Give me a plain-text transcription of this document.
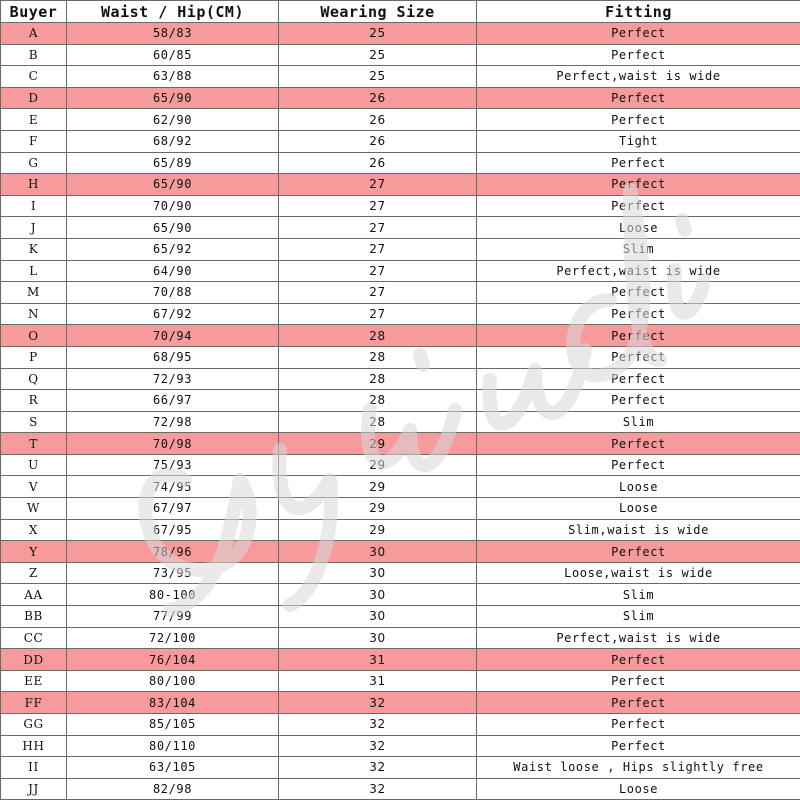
Buyer	Waist / Hip(CM)	Wearing Size	Fitting
A	58/83	25	Perfect
B	60/85	25	Perfect
C	63/88	25	Perfect,waist is wide
D	65/90	26	Perfect
E	62/90	26	Perfect
F	68/92	26	Tight
G	65/89	26	Perfect
H	65/90	27	Perfect
I	70/90	27	Perfect
J	65/90	27	Loose
K	65/92	27	Slim
L	64/90	27	Perfect,waist is wide
M	70/88	27	Perfect
N	67/92	27	Perfect
O	70/94	28	Perfect
P	68/95	28	Perfect
Q	72/93	28	Perfect
R	66/97	28	Perfect
S	72/98	28	Slim
T	70/98	29	Perfect
U	75/93	29	Perfect
V	74/95	29	Loose
W	67/97	29	Loose
X	67/95	29	Slim,waist is wide
Y	78/96	30	Perfect
Z	73/95	30	Loose,waist is wide
AA	80-100	30	Slim
BB	77/99	30	Slim
CC	72/100	30	Perfect,waist is wide
DD	76/104	31	Perfect
EE	80/100	31	Perfect
FF	83/104	32	Perfect
GG	85/105	32	Perfect
HH	80/110	32	Perfect
II	63/105	32	Waist loose , Hips slightly free
JJ	82/98	32	Loose
